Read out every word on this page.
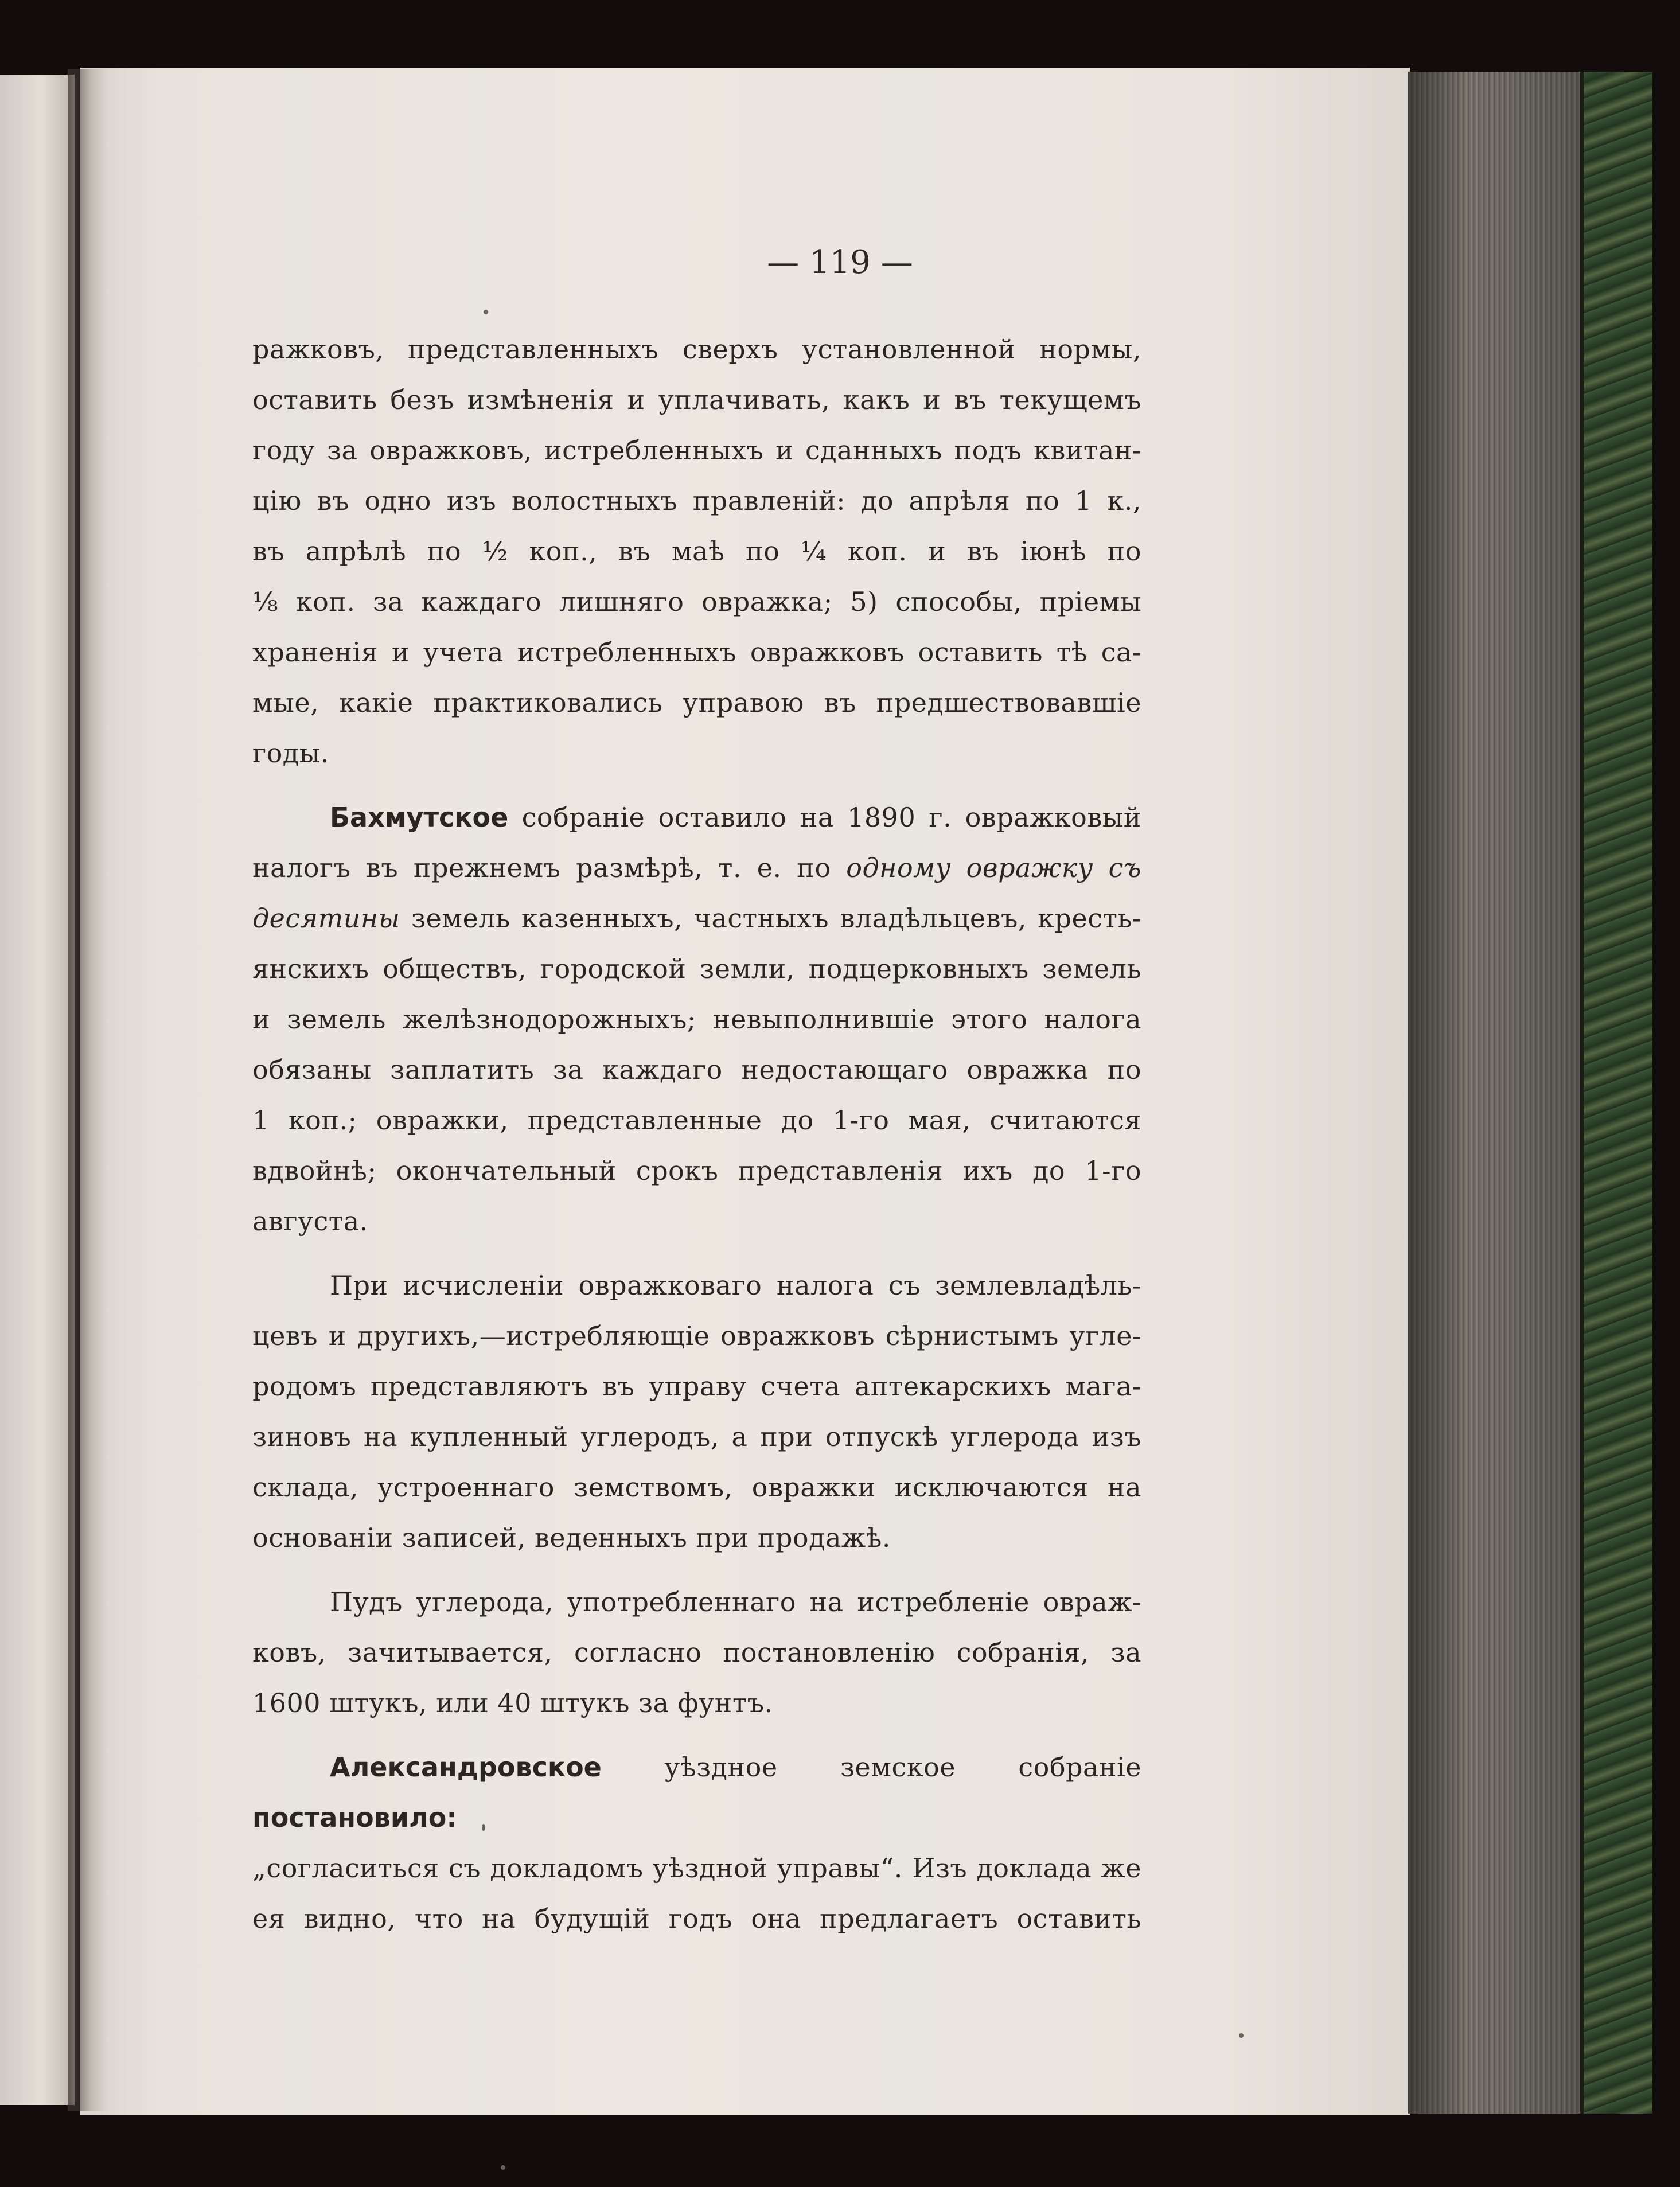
— 119 —

ражковъ, представленныхъ сверхъ установленной нормы,
оставить безъ измѣненія и уплачивать, какъ и въ текущемъ
году за овражковъ, истребленныхъ и сданныхъ подъ квитан-
цію въ одно изъ волостныхъ правленій: до апрѣля по 1 к.,
въ апрѣлѣ по ½ коп., въ маѣ по ¼ коп. и въ іюнѣ по
⅛ коп. за каждаго лишняго овражка; 5) способы, пріемы
храненія и учета истребленныхъ овражковъ оставить тѣ са-
мые, какіе практиковались управою въ предшествовавшіе годы.

Бахмутское собраніе оставило на 1890 г. овражковый
налогъ въ прежнемъ размѣрѣ, т. е. по одному овражку съ
десятины земель казенныхъ, частныхъ владѣльцевъ, кресть-
янскихъ обществъ, городской земли, подцерковныхъ земель
и земель желѣзнодорожныхъ; невыполнившіе этого налога
обязаны заплатить за каждаго недостающаго овражка по
1 коп.; овражки, представленные до 1-го мая, считаются
вдвойнѣ; окончательный срокъ представленія ихъ до 1-го
августа.

При исчисленіи овражковаго налога съ землевладѣль-
цевъ и другихъ,—истребляющіе овражковъ сѣрнистымъ угле-
родомъ представляютъ въ управу счета аптекарскихъ мага-
зиновъ на купленный углеродъ, а при отпускѣ углерода изъ
склада, устроеннаго земствомъ, овражки исключаются на
основаніи записей, веденныхъ при продажѣ.

Пудъ углерода, употребленнаго на истребленіе овраж-
ковъ, зачитывается, согласно постановленію собранія, за
1600 штукъ, или 40 штукъ за фунтъ.

Александровское уѣздное земское собраніе постановило:
„согласиться съ докладомъ уѣздной управы“. Изъ доклада же
ея видно, что на будущій годъ она предлагаетъ оставить
